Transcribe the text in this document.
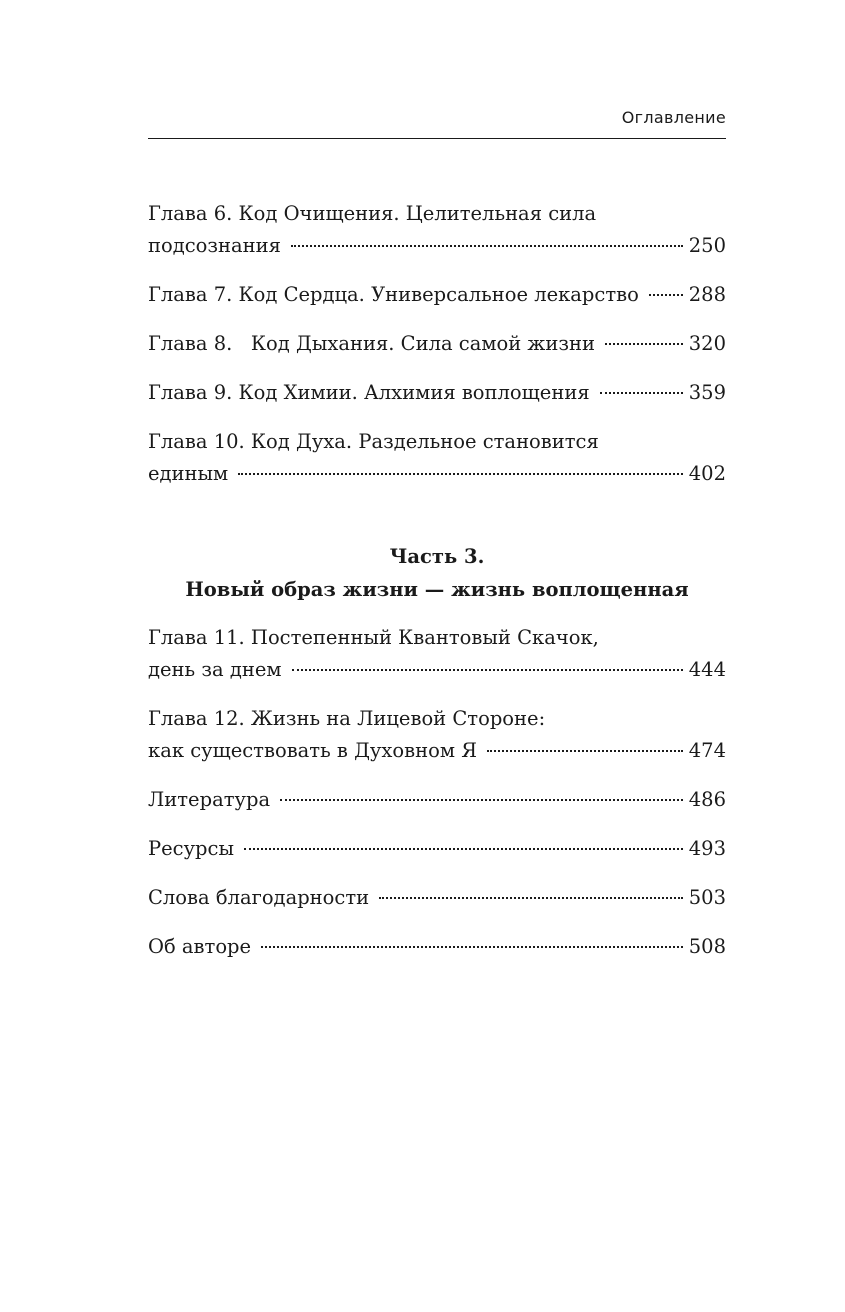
Оглавление
Глава 6. Код Очищения. Целительная сила
подсознания	250
Глава 7. Код Сердца. Универсальное лекарство	288
Глава 8.   Код Дыхания. Сила самой жизни	320
Глава 9. Код Химии. Алхимия воплощения	359
Глава 10. Код Духа. Раздельное становится
единым	402
Часть 3.
Новый образ жизни — жизнь воплощенная
Глава 11. Постепенный Квантовый Скачок,
день за днем	444
Глава 12. Жизнь на Лицевой Стороне:
как существовать в Духовном Я	474
Литература	486
Ресурсы	493
Слова благодарности	503
Об авторе	508
